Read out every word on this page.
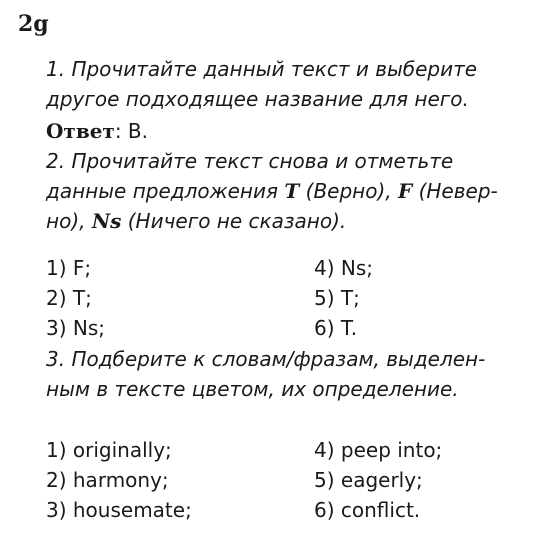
2g
1. Прочитайте данный текст и выберите
другое подходящее название для него.
Ответ: B.
2. Прочитайте текст снова и отметьте
данные предложения T (Верно), F (Невер-
но), Ns (Ничего не сказано).
1) F;
2) T;
3) Ns;
4) Ns;
5) T;
6) T.
3. Подберите к словам/фразам, выделен-
ным в тексте цветом, их определение.
1) originally;
2) harmony;
3) housemate;
4) peep into;
5) eagerly;
6) conflict.
